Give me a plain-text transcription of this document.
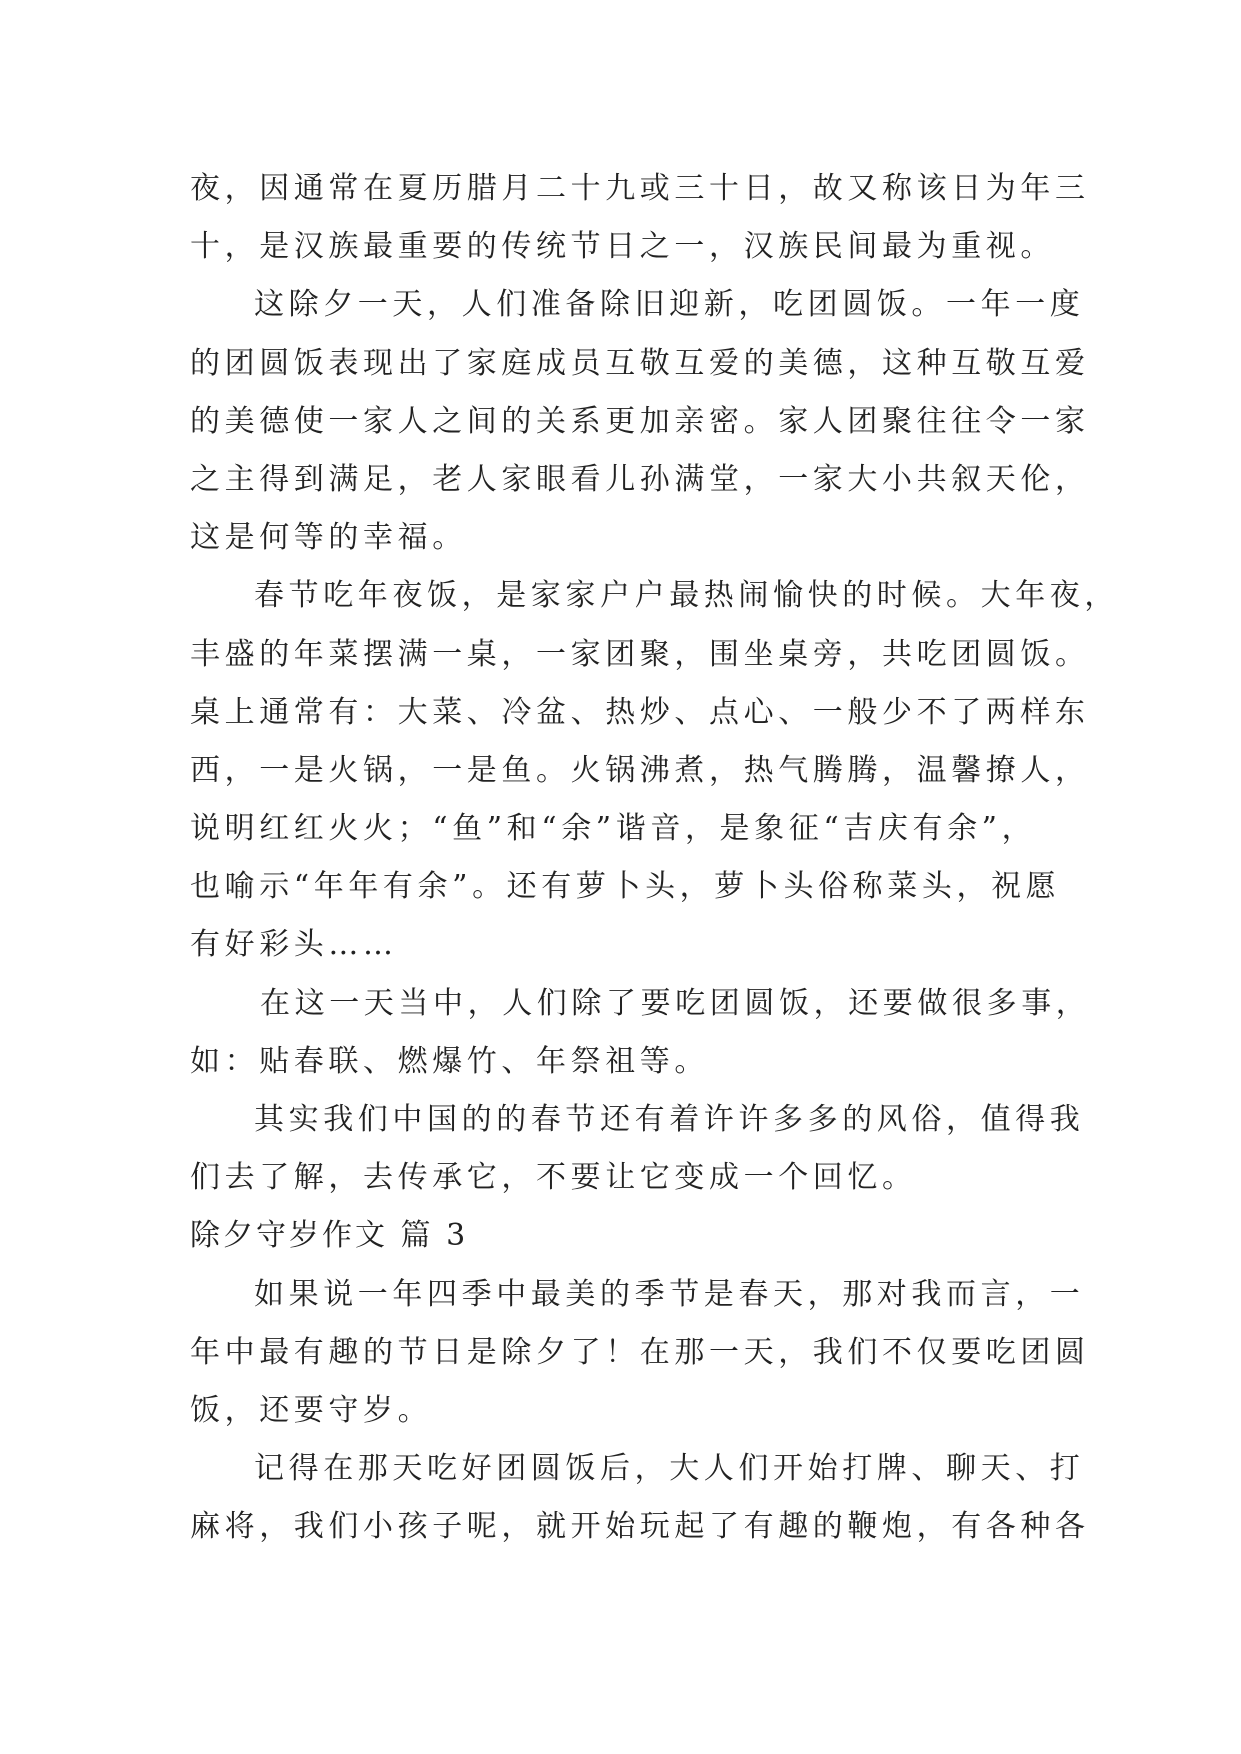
夜，因通常在夏历腊月二十九或三十日，故又称该日为年三
十，是汉族最重要的传统节日之一，汉族民间最为重视。
这除夕一天，人们准备除旧迎新，吃团圆饭。一年一度
的团圆饭表现出了家庭成员互敬互爱的美德，这种互敬互爱
的美德使一家人之间的关系更加亲密。家人团聚往往令一家
之主得到满足，老人家眼看儿孙满堂，一家大小共叙天伦，
这是何等的幸福。
春节吃年夜饭，是家家户户最热闹愉快的时候。大年夜，
丰盛的年菜摆满一桌，一家团聚，围坐桌旁，共吃团圆饭。
桌上通常有：大菜、冷盆、热炒、点心、一般少不了两样东
西，一是火锅，一是鱼。火锅沸煮，热气腾腾，温馨撩人，
说明红红火火；“鱼”和“余”谐音，是象征“吉庆有余”，
也喻示“年年有余”。还有萝卜头，萝卜头俗称菜头，祝愿
有好彩头……
在这一天当中，人们除了要吃团圆饭，还要做很多事，
如：贴春联、燃爆竹、年祭祖等。
其实我们中国的的春节还有着许许多多的风俗，值得我
们去了解，去传承它，不要让它变成一个回忆。
除夕守岁作文 篇 3
如果说一年四季中最美的季节是春天，那对我而言，一
年中最有趣的节日是除夕了！在那一天，我们不仅要吃团圆
饭，还要守岁。
记得在那天吃好团圆饭后，大人们开始打牌、聊天、打
麻将，我们小孩子呢，就开始玩起了有趣的鞭炮，有各种各
